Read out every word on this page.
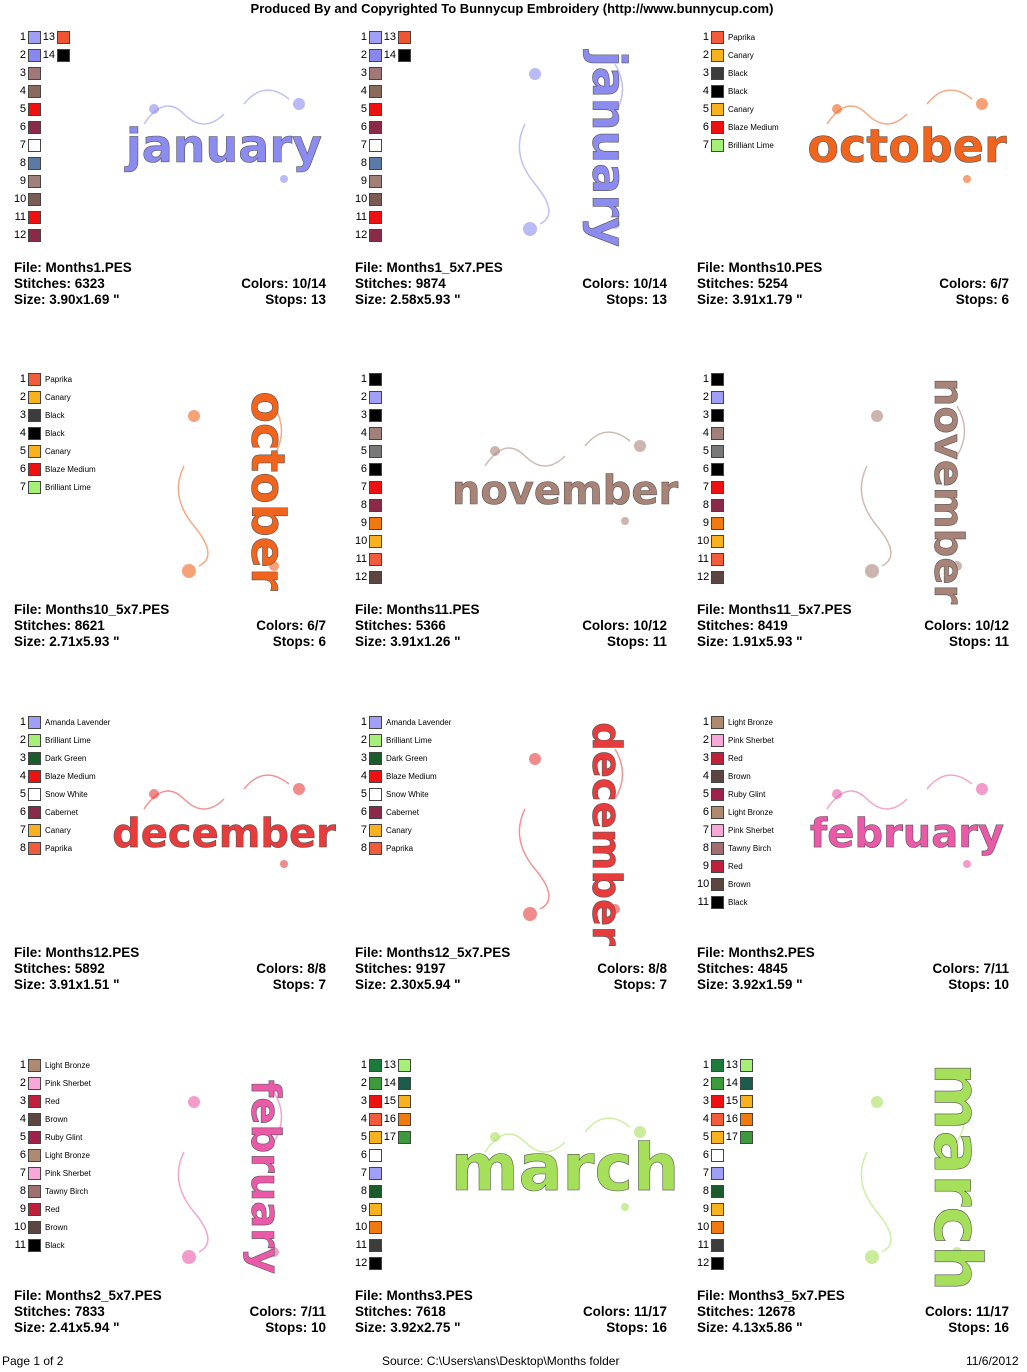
Produced By and Copyrighted To Bunnycup Embroidery (http://www.bunnycup.com)
1 13
2 14
3
4
5
6
7
8
9
10
11
12
january
File: Months1.PES
Stitches: 6323	Colors: 10/14
Size: 3.90x1.69 "	Stops: 13
1 13
2 14
3
4
5
6
7
8
9
10
11
12	january
File: Months1_5x7.PES
Stitches: 9874	Colors: 10/14
Size: 2.58x5.93 "	Stops: 13
1 Paprika
2 Canary
3 Black
4 Black
5 Canary
6 Blaze Medium
7 Brilliant Lime october
File: Months10.PES
Stitches: 5254	Colors: 6/7
Size: 3.91x1.79 "	Stops: 6
1 Paprika
2 Canary
3 Black
4 Black
5 Canary
6 Blaze Medium
7 Brilliant Lime	october
File: Months10_5x7.PES
Stitches: 8621	Colors: 6/7
Size: 2.71x5.93 "	Stops: 6
1
2
3
4
5
6
7
8
9
10
11
12
november
File: Months11.PES
Stitches: 5366	Colors: 10/12
Size: 3.91x1.26 "	Stops: 11
1
2
3
4
5
6
7
8
9
10
11
12	november
File: Months11_5x7.PES
Stitches: 8419	Colors: 10/12
Size: 1.91x5.93 "	Stops: 11
1 Amanda Lavender
2 Brilliant Lime
3 Dark Green
4 Blaze Medium
5 Snow White
6 Cabernet
7 Canary
8 Paprika december
File: Months12.PES
Stitches: 5892	Colors: 8/8
Size: 3.91x1.51 "	Stops: 7
1 Amanda Lavender
2 Brilliant Lime
3 Dark Green
4 Blaze Medium
5 Snow White
6 Cabernet
7 Canary
8 Paprika	december
File: Months12_5x7.PES
Stitches: 9197	Colors: 8/8
Size: 2.30x5.94 "	Stops: 7
1 Light Bronze
2 Pink Sherbet
3 Red
4 Brown
5 Ruby Glint
6 Light Bronze
7 Pink Sherbet
8 Tawny Birch
9 Red
10 Brown
11 Black
february
File: Months2.PES
Stitches: 4845	Colors: 7/11
Size: 3.92x1.59 "	Stops: 10
1 Light Bronze
2 Pink Sherbet
3 Red
4 Brown
5 Ruby Glint
6 Light Bronze
7 Pink Sherbet
8 Tawny Birch
9 Red
10 Brown
11 Black	february
File: Months2_5x7.PES
Stitches: 7833	Colors: 7/11
Size: 2.41x5.94 "	Stops: 10
1 13
2 14
3 15
4 16
5 17
6
7
8
9
10
11
12
march
File: Months3.PES
Stitches: 7618	Colors: 11/17
Size: 3.92x2.75 "	Stops: 16
1 13
2 14
3 15
4 16
5 17
6
7
8
9
10
11
12	march
File: Months3_5x7.PES
Stitches: 12678	Colors: 11/17
Size: 4.13x5.86 "	Stops: 16
Page 1 of 2	Source: C:\Users\ans\Desktop\Months folder	11/6/2012
